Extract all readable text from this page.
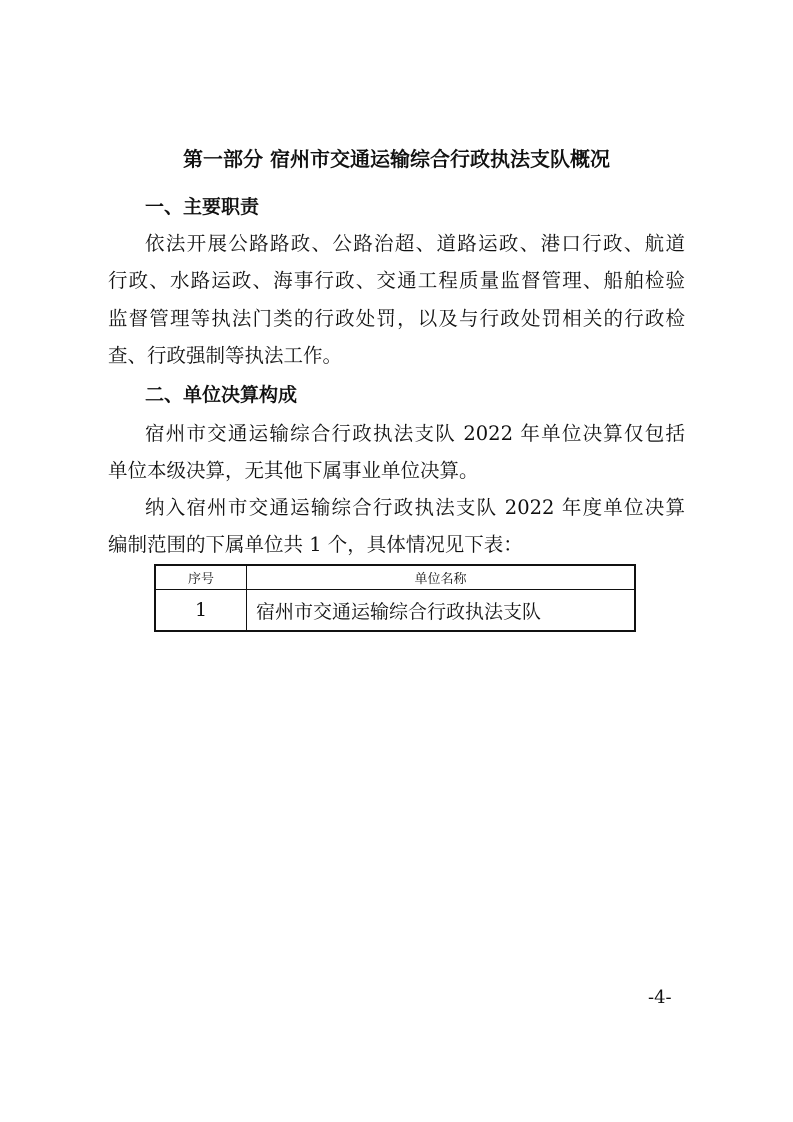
第一部分 宿州市交通运输综合行政执法支队概况
一、主要职责
依法开展公路路政、公路治超、道路运政、港口行政、航道
行政、水路运政、海事行政、交通工程质量监督管理、船舶检验
监督管理等执法门类的行政处罚，以及与行政处罚相关的行政检
查、行政强制等执法工作。
二、单位决算构成
宿州市交通运输综合行政执法支队 2022 年单位决算仅包括
单位本级决算，无其他下属事业单位决算。
纳入宿州市交通运输综合行政执法支队 2022 年度单位决算
编制范围的下属单位共 1 个，具体情况见下表：
序号	单位名称
1	宿州市交通运输综合行政执法支队
-4-
